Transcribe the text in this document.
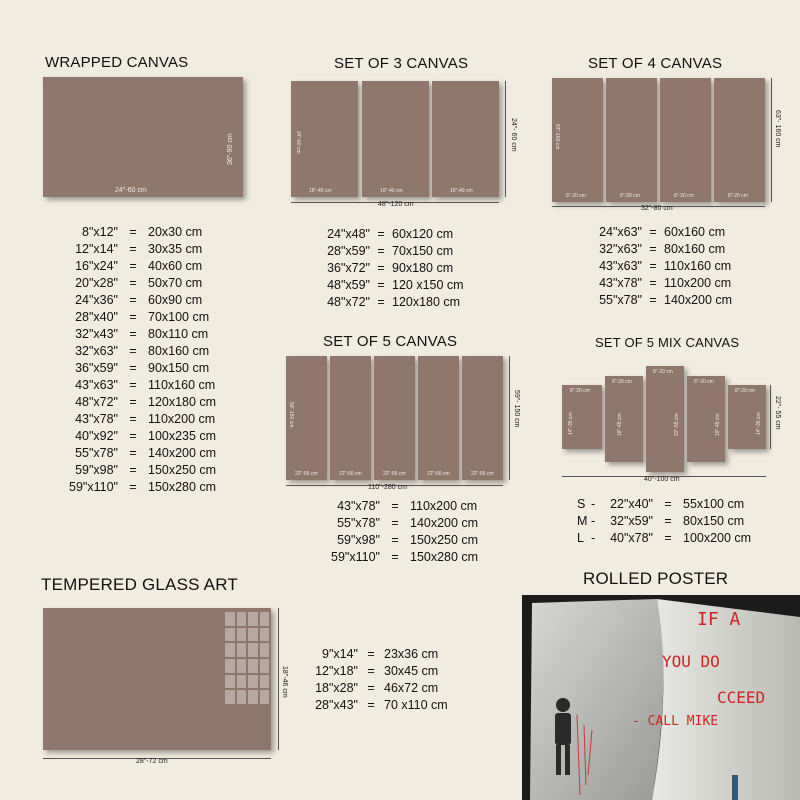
WRAPPED CANVAS
24"-60 cm
36"-90 cm
8"x12" = 20x30 cm
12"x14" = 30x35 cm
16"x24" = 40x60 cm
20"x28" = 50x70 cm
24"x36" = 60x90 cm
28"x40" = 70x100 cm
32"x43" = 80x110 cm
32"x63" = 80x160 cm
36"x59" = 90x150 cm
43"x63" = 110x160 cm
48"x72" = 120x180 cm
43"x78" = 110x200 cm
40"x92" = 100x235 cm
55"x78" = 140x200 cm
59"x98" = 150x250 cm
59"x110" = 150x280 cm
SET OF 3 CANVAS
24"-60 cm
16"-40 cm	16"-40 cm	16"-40 cm
48"-120 cm
24"- 60 cm
24"x48" = 60x120 cm
28"x59" = 70x150 cm
36"x72" = 90x180 cm
48"x59" = 120 x150 cm
48"x72" = 120x180 cm
SET OF 4 CANVAS
63"-160 cm
8"-20 cm	8"-20 cm	8"-20 cm	8"-20 cm
32"-80 cm
63"- 160 cm
24"x63" = 60x160 cm
32"x63" = 80x160 cm
43"x63" = 110x160 cm
43"x78" = 110x200 cm
55"x78" = 140x200 cm
SET OF 5 CANVAS
59"-150 cm
22"-56 cm	22"-56 cm	22"-56 cm	22"-56 cm	22"-56 cm
110"-280 cm
59"- 150 cm
43"x78" = 110x200 cm
55"x78" = 140x200 cm
59"x98" = 150x250 cm
59"x110" = 150x280 cm
SET OF 5 MIX CANVAS
8"-20 cm
14"-35 cm
8"-20 cm
18"-45 cm
8"-20 cm
22"-55 cm
8"-20 cm
18"-45 cm
8"-20 cm
14"-35 cm
40"-100 cm
22"- 55 cm
S -	22"x40" = 55x100 cm
M -	32"x59" = 80x150 cm
L -	40"x78" = 100x200 cm
TEMPERED GLASS ART
28"-72 cm
18"-46 cm
9"x14" = 23x36 cm
12"x18" = 30x45 cm
18"x28" = 46x72 cm
28"x43" = 70 x110 cm
ROLLED POSTER
IF A
YOU DO
CCEED
- CALL MIKE
